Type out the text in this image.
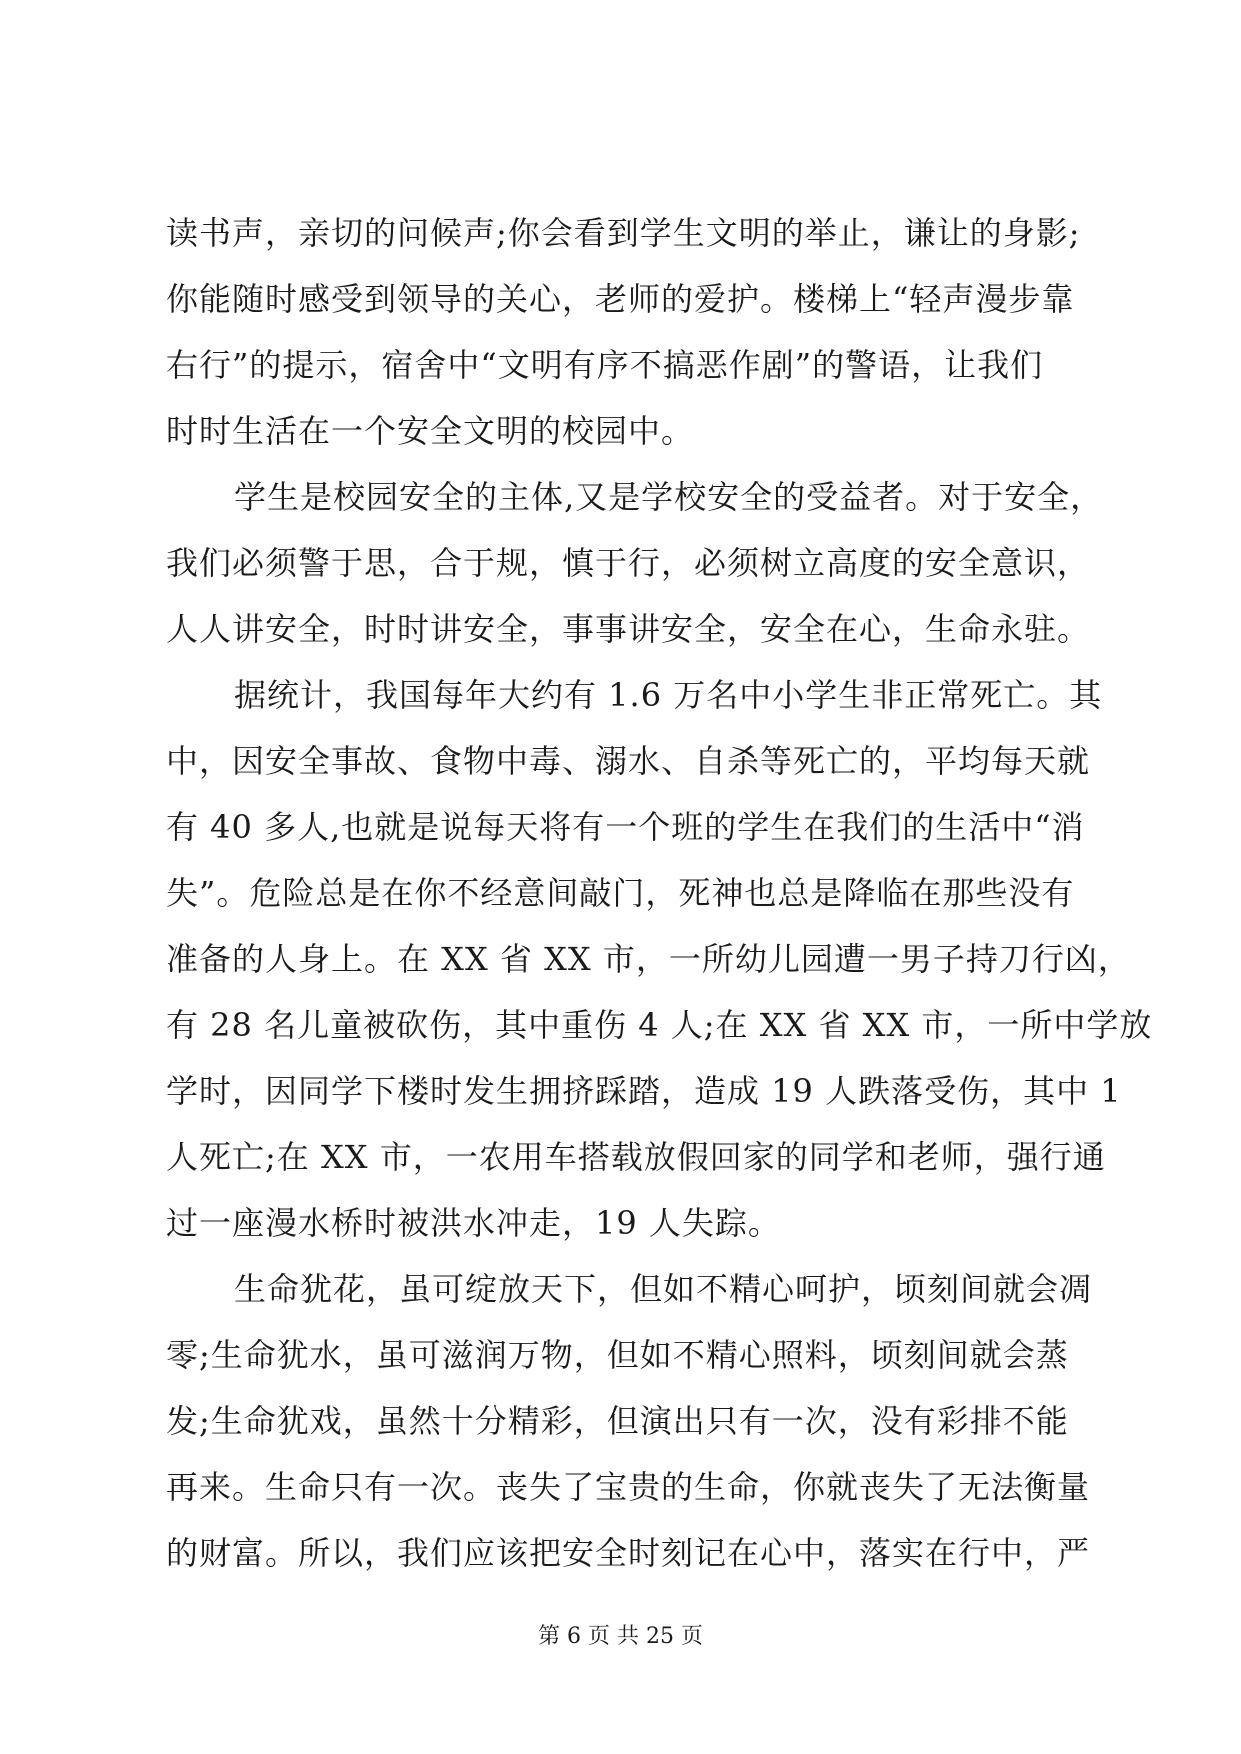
读书声，亲切的问候声;你会看到学生文明的举止，谦让的身影;
你能随时感受到领导的关心，老师的爱护。楼梯上“轻声漫步靠
右行”的提示，宿舍中“文明有序不搞恶作剧”的警语，让我们
时时生活在一个安全文明的校园中。
学生是校园安全的主体,又是学校安全的受益者。对于安全，
我们必须警于思，合于规，慎于行，必须树立高度的安全意识，
人人讲安全，时时讲安全，事事讲安全，安全在心，生命永驻。
据统计，我国每年大约有 1.6 万名中小学生非正常死亡。其
中，因安全事故、食物中毒、溺水、自杀等死亡的，平均每天就
有 40 多人,也就是说每天将有一个班的学生在我们的生活中“消
失”。危险总是在你不经意间敲门，死神也总是降临在那些没有
准备的人身上。在 XX 省 XX 市，一所幼儿园遭一男子持刀行凶，
有 28 名儿童被砍伤，其中重伤 4 人;在 XX 省 XX 市，一所中学放
学时，因同学下楼时发生拥挤踩踏，造成 19 人跌落受伤，其中 1
人死亡;在 XX 市，一农用车搭载放假回家的同学和老师，强行通
过一座漫水桥时被洪水冲走，19 人失踪。
生命犹花，虽可绽放天下，但如不精心呵护，顷刻间就会凋
零;生命犹水，虽可滋润万物，但如不精心照料，顷刻间就会蒸
发;生命犹戏，虽然十分精彩，但演出只有一次，没有彩排不能
再来。生命只有一次。丧失了宝贵的生命，你就丧失了无法衡量
的财富。所以，我们应该把安全时刻记在心中，落实在行中，严
第 6 页 共 25 页
